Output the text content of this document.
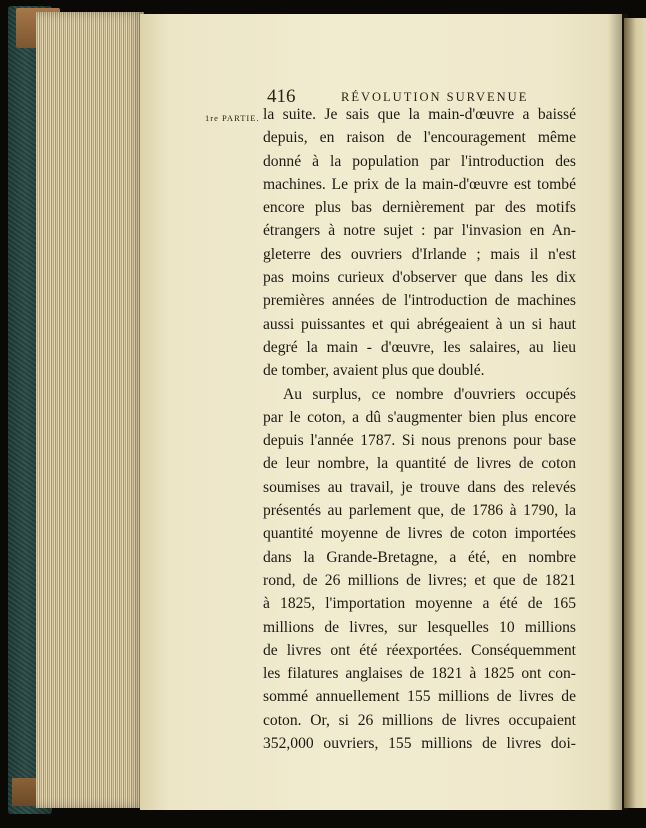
416	RÉVOLUTION SURVENUE
1re PARTIE. la suite. Je sais que la main-d'œuvre a baissé
depuis, en raison de l'encouragement même
donné à la population par l'introduction des
machines. Le prix de la main-d'œuvre est tombé
encore plus bas dernièrement par des motifs
étrangers à notre sujet : par l'invasion en An-
gleterre des ouvriers d'Irlande ; mais il n'est
pas moins curieux d'observer que dans les dix
premières années de l'introduction de machines
aussi puissantes et qui abrégeaient à un si haut
degré la main - d'œuvre, les salaires, au lieu
de tomber, avaient plus que doublé.
Au surplus, ce nombre d'ouvriers occupés
par le coton, a dû s'augmenter bien plus encore
depuis l'année 1787. Si nous prenons pour base
de leur nombre, la quantité de livres de coton
soumises au travail, je trouve dans des relevés
présentés au parlement que, de 1786 à 1790, la
quantité moyenne de livres de coton importées
dans la Grande-Bretagne, a été, en nombre
rond, de 26 millions de livres; et que de 1821
à 1825, l'importation moyenne a été de 165
millions de livres, sur lesquelles 10 millions
de livres ont été réexportées. Conséquemment
les filatures anglaises de 1821 à 1825 ont con-
sommé annuellement 155 millions de livres de
coton. Or, si 26 millions de livres occupaient
352,000 ouvriers, 155 millions de livres doi-
